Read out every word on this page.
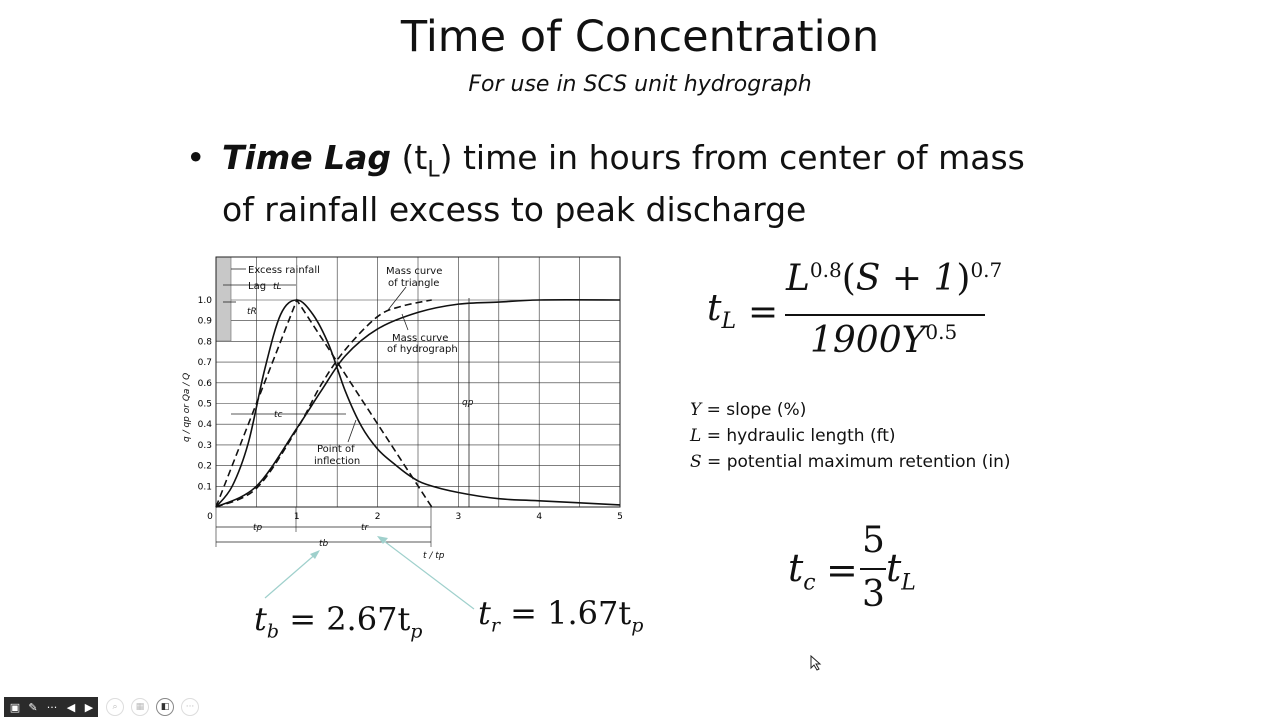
Time of Concentration
For use in SCS unit hydrograph
• Time Lag $(t_L)$ time in hours from center of mass
of rainfall excess to peak discharge
0.1
0.2
0.3
0.4
0.5
0.6
0.7
0.8
0.9
1.0
0	1	2	3	4	5
Excess rainfall
Lag tL
tR
Mass curve
of triangle
Mass curve
of hydrograph
Point of
inflection
tc
qp
tp	tr
tb
t / tp
q / qp or Qa / Q
$t_L$ =
$L^{0.8}(S + 1)^{0.7}$
$1900Y^{0.5}$
Y = slope (%)
L = hydraulic length (ft)
S = potential maximum retention (in)
$t_c$ =
5
3
$t_L$
$t_b = 2.67t_p$ $t_r = 1.67t_p$
▣ ✎ ··· ◀ ▶	⌕	▦	◧	···
